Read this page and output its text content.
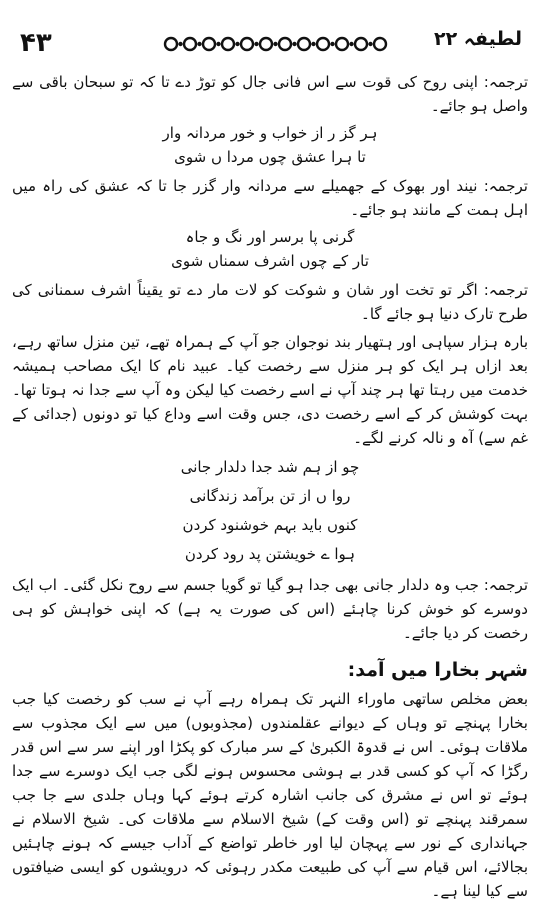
لطیفہ ۲۲
۴۳

ترجمہ: اپنی روح کی قوت سے اس فانی جال کو توڑ دے تا کہ تو سبحان باقی سے واصل ہو جائے۔

ہر گز ر از خواب و خور مردانہ وار
تا ہرا عشق چوں مردا ں شوی

ترجمہ: نیند اور بھوک کے جھمیلے سے مردانہ وار گزر جا تا کہ عشق کی راہ میں اہل ہمت کے مانند ہو جائے۔

گرنی پا برسر اور نگ و جاہ
تار کے چوں اشرف سمناں شوی

ترجمہ: اگر تو تخت اور شان و شوکت کو لات مار دے تو یقیناً اشرف سمنانی کی طرح تارک دنیا ہو جائے گا۔

بارہ ہزار سپاہی اور ہتھیار بند نوجوان جو آپ کے ہمراہ تھے، تین منزل ساتھ رہے، بعد ازاں ہر ایک کو ہر منزل سے رخصت کیا۔ عبید نام کا ایک مصاحب ہمیشہ خدمت میں رہتا تھا ہر چند آپ نے اسے رخصت کیا لیکن وہ آپ سے جدا نہ ہوتا تھا۔ بہت کوشش کر کے اسے رخصت دی، جس وقت اسے وداع کیا تو دونوں (جدائی کے غم سے) آہ و نالہ کرنے لگے۔

چو از ہم شد جدا دلدار جانی
روا ں از تن برآمد زندگانی
کنوں باید بہم خوشنود کردن
ہوا ے خویشتن پد رود کردن

ترجمہ: جب وہ دلدار جانی بھی جدا ہو گیا تو گویا جسم سے روح نکل گئی۔ اب ایک دوسرے کو خوش کرنا چاہئے (اس کی صورت یہ ہے) کہ اپنی خواہش کو ہی رخصت کر دیا جائے۔

شہر بخارا میں آمد:

بعض مخلص ساتھی ماوراء النہر تک ہمراہ رہے آپ نے سب کو رخصت کیا جب بخارا پہنچے تو وہاں کے دیوانے عقلمندوں (مجذوبوں) میں سے ایک مجذوب سے ملاقات ہوئی۔ اس نے قدوۃ الکبریٰ کے سر مبارک کو پکڑا اور اپنے سر سے اس قدر رگڑا کہ آپ کو کسی قدر بے ہوشی محسوس ہونے لگی جب ایک دوسرے سے جدا ہوئے تو اس نے مشرق کی جانب اشارہ کرتے ہوئے کہا وہاں جلدی سے جا جب سمرقند پہنچے تو (اس وقت کے) شیخ الاسلام سے ملاقات کی۔ شیخ الاسلام نے جہانداری کے نور سے پہچان لیا اور خاطر تواضع کے آداب جیسے کہ ہونے چاہئیں بجالائے، اس قیام سے آپ کی طبیعت مکدر رہوئی کہ درویشوں کو ایسی ضیافتوں سے کیا لینا ہے۔
